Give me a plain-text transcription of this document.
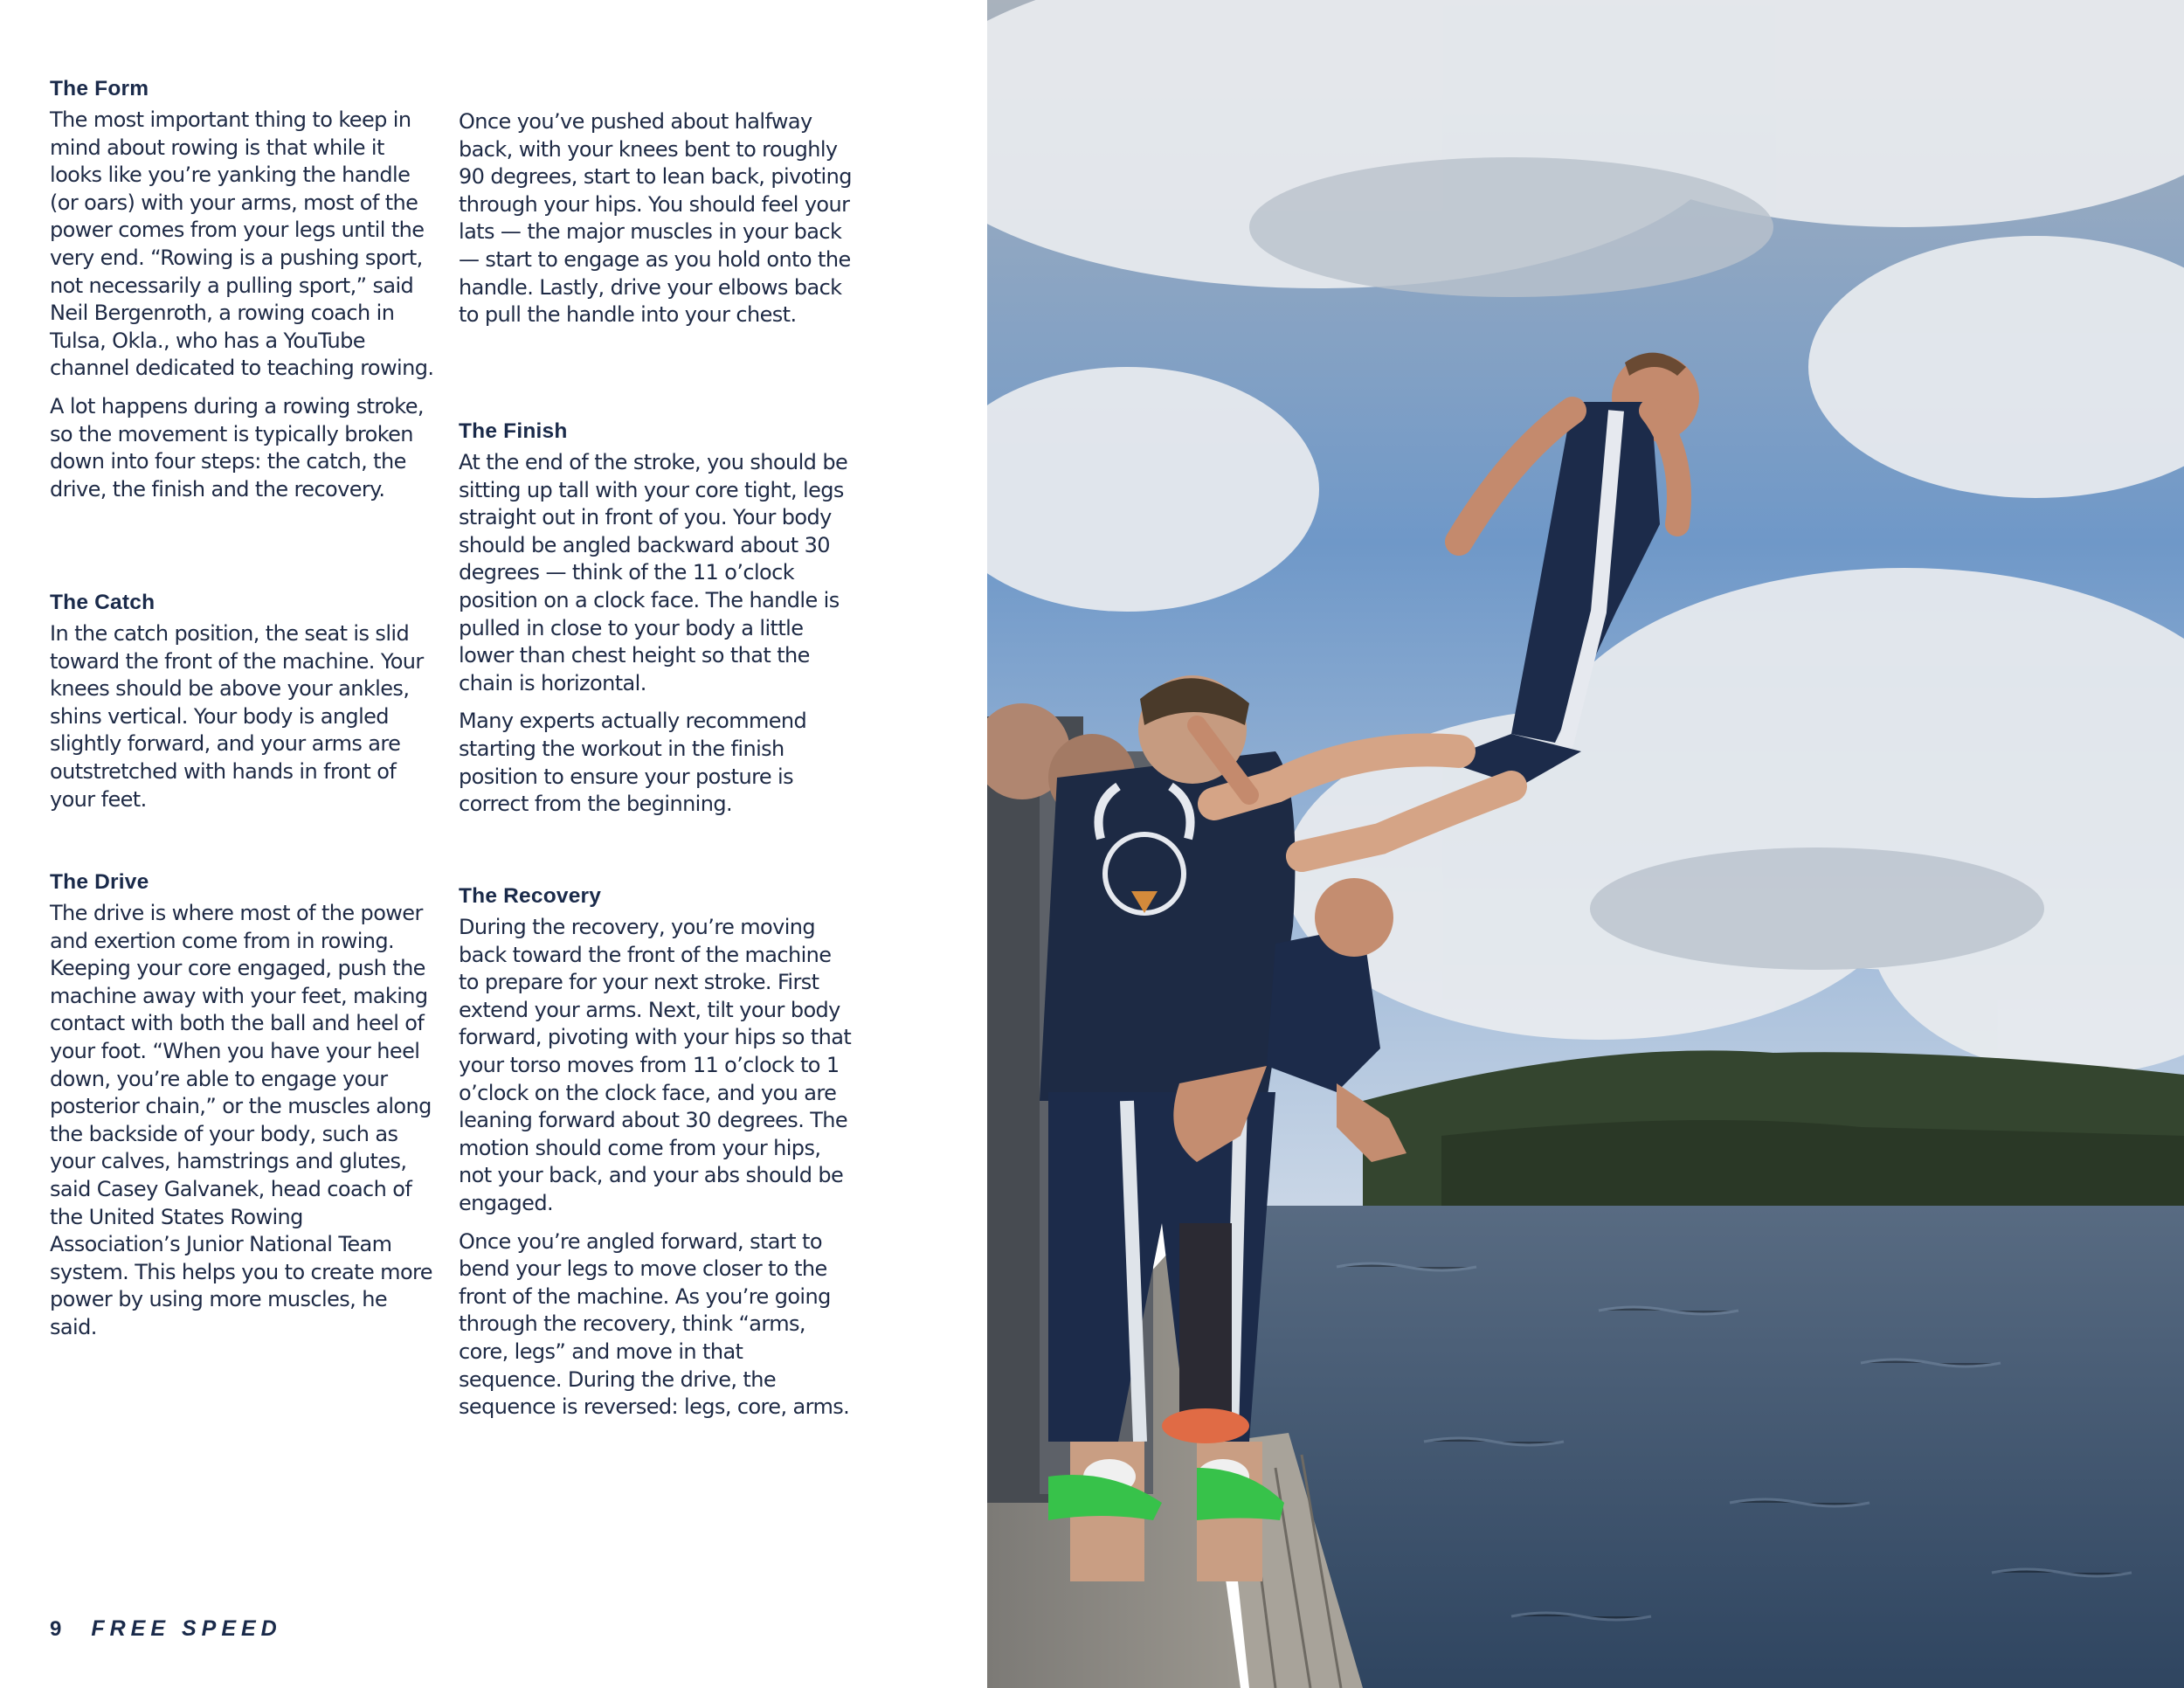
The Form

The most important thing to keep in mind about rowing is that while it looks like you’re yanking the handle (or oars) with your arms, most of the power comes from your legs until the very end. “Rowing is a pushing sport, not necessarily a pulling sport,” said Neil Bergenroth, a rowing coach in Tulsa, Okla., who has a YouTube channel dedicated to teaching rowing.

A lot happens during a rowing stroke, so the movement is typically broken down into four steps: the catch, the drive, the finish and the recovery.

The Catch

In the catch position, the seat is slid toward the front of the machine. Your knees should be above your ankles, shins vertical. Your body is angled slightly forward, and your arms are outstretched with hands in front of your feet.

The Drive

The drive is where most of the power and exertion come from in rowing. Keeping your core engaged, push the machine away with your feet, making contact with both the ball and heel of your foot. “When you have your heel down, you’re able to engage your posterior chain,” or the muscles along the backside of your body, such as your calves, hamstrings and glutes, said Casey Galvanek, head coach of the United States Rowing Association’s Junior National Team system. This helps you to create more power by using more muscles, he said.

Once you’ve pushed about halfway back, with your knees bent to roughly 90 degrees, start to lean back, pivoting through your hips. You should feel your lats — the major muscles in your back — start to engage as you hold onto the handle. Lastly, drive your elbows back to pull the handle into your chest.

The Finish

At the end of the stroke, you should be sitting up tall with your core tight, legs straight out in front of you. Your body should be angled backward about 30 degrees — think of the 11 o’clock position on a clock face. The handle is pulled in close to your body a little lower than chest height so that the chain is horizontal.

Many experts actually recommend starting the workout in the finish position to ensure your posture is correct from the beginning.

The Recovery

During the recovery, you’re moving back toward the front of the machine to prepare for your next stroke. First extend your arms. Next, tilt your body forward, pivoting with your hips so that your torso moves from 11 o’clock to 1 o’clock on the clock face, and you are leaning forward about 30 degrees. The motion should come from your hips, not your back, and your abs should be engaged.

Once you’re angled forward, start to bend your legs to move closer to the front of the machine. As you’re going through the recovery, think “arms, core, legs” and move in that sequence. During the drive, the sequence is reversed: legs, core, arms.

9 FREE SPEED
